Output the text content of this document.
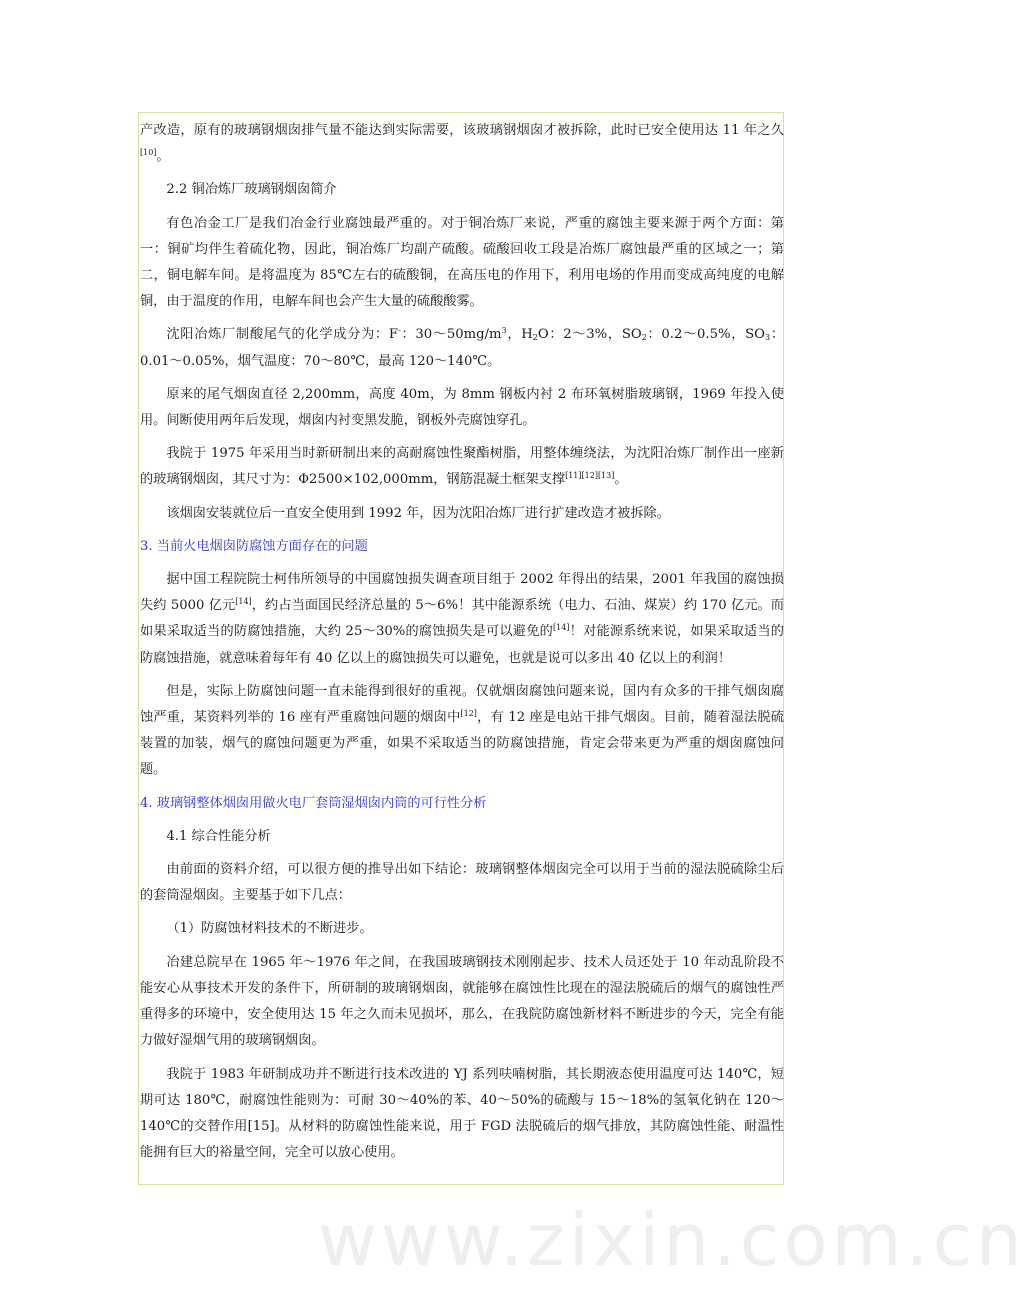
产改造，原有的玻璃钢烟囱排气量不能达到实际需要，该玻璃钢烟囱才被拆除，此时已安全使用达 11 年之久[10]。

2.2 铜冶炼厂玻璃钢烟囱简介

有色冶金工厂是我们冶金行业腐蚀最严重的。对于铜冶炼厂来说，严重的腐蚀主要来源于两个方面：第一：铜矿均伴生着硫化物，因此，铜冶炼厂均副产硫酸。硫酸回收工段是冶炼厂腐蚀最严重的区域之一；第二，铜电解车间。是将温度为 85℃左右的硫酸铜，在高压电的作用下，利用电场的作用而变成高纯度的电解铜，由于温度的作用，电解车间也会产生大量的硫酸酸雾。

沈阳冶炼厂制酸尾气的化学成分为：F-：$30\sim 50mg/m^3$，$H_2O$：2～3%，$SO_2$：0.2～0.5%，$SO_3$：0.01～0.05%，烟气温度：70～80℃，最高 120～140℃。

原来的尾气烟囱直径 2,200mm，高度 40m，为 8mm 钢板内衬 2 布环氧树脂玻璃钢，1969 年投入使用。间断使用两年后发现，烟囱内衬变黑发脆，钢板外壳腐蚀穿孔。

我院于 1975 年采用当时新研制出来的高耐腐蚀性聚酯树脂，用整体缠绕法，为沈阳冶炼厂制作出一座新的玻璃钢烟囱，其尺寸为：Φ2500×102,000mm，钢筋混凝土框架支撑[11][12][13]。

该烟囱安装就位后一直安全使用到 1992 年，因为沈阳冶炼厂进行扩建改造才被拆除。

3. 当前火电烟囱防腐蚀方面存在的问题

据中国工程院院士柯伟所领导的中国腐蚀损失调查项目组于 2002 年得出的结果，2001 年我国的腐蚀损失约 5000 亿元[14]，约占当面国民经济总量的 5～6%！其中能源系统（电力、石油、煤炭）约 170 亿元。而如果采取适当的防腐蚀措施，大约 25～30%的腐蚀损失是可以避免的[14]！对能源系统来说，如果采取适当的防腐蚀措施，就意味着每年有 40 亿以上的腐蚀损失可以避免，也就是说可以多出 40 亿以上的利润！

但是，实际上防腐蚀问题一直未能得到很好的重视。仅就烟囱腐蚀问题来说，国内有众多的干排气烟囱腐蚀严重，某资料列举的 16 座有严重腐蚀问题的烟囱中[12]，有 12 座是电站干排气烟囱。目前，随着湿法脱硫装置的加装，烟气的腐蚀问题更为严重，如果不采取适当的防腐蚀措施，肯定会带来更为严重的烟囱腐蚀问题。

4. 玻璃钢整体烟囱用做火电厂套筒湿烟囱内筒的可行性分析

4.1 综合性能分析

由前面的资料介绍，可以很方便的推导出如下结论：玻璃钢整体烟囱完全可以用于当前的湿法脱硫除尘后的套筒湿烟囱。主要基于如下几点：

（1）防腐蚀材料技术的不断进步。

冶建总院早在 1965 年～1976 年之间，在我国玻璃钢技术刚刚起步、技术人员还处于 10 年动乱阶段不能安心从事技术开发的条件下，所研制的玻璃钢烟囱，就能够在腐蚀性比现在的湿法脱硫后的烟气的腐蚀性严重得多的环境中，安全使用达 15 年之久而未见损坏，那么，在我院防腐蚀新材料不断进步的今天，完全有能力做好湿烟气用的玻璃钢烟囱。

我院于 1983 年研制成功并不断进行技术改进的 YJ 系列呋喃树脂，其长期液态使用温度可达 140℃，短期可达 180℃，耐腐蚀性能则为：可耐 30～40%的苯、40～50%的硫酸与 15～18%的氢氧化钠在 120～140℃的交替作用[15]。从材料的防腐蚀性能来说，用于 FGD 法脱硫后的烟气排放，其防腐蚀性能、耐温性能拥有巨大的裕量空间，完全可以放心使用。

www.zixin.com.cn
